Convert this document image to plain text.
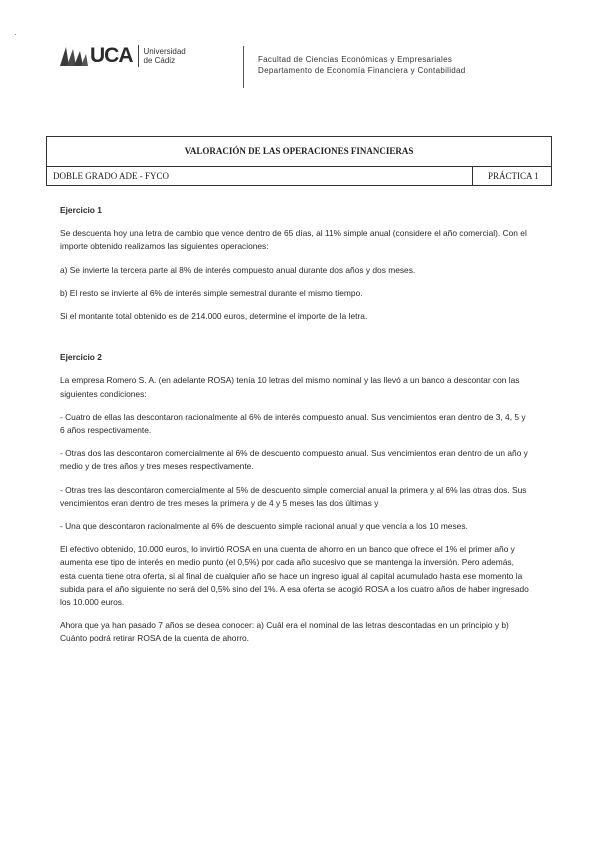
·
UCA Universidad
de Cádiz	Facultad de Ciencias Económicas y Empresariales
Departamento de Economía Financiera y Contabilidad
VALORACIÓN DE LAS OPERACIONES FINANCIERAS
DOBLE GRADO ADE - FYCO	PRÁCTICA 1

Ejercicio 1

Se descuenta hoy una letra de cambio que vence dentro de 65 días, al 11% simple anual (considere el año comercial). Con el importe obtenido realizamos las siguientes operaciones:

a) Se invierte la tercera parte al 8% de interés compuesto anual durante dos años y dos meses.

b) El resto se invierte al 6% de interés simple semestral durante el mismo tiempo.

Si el montante total obtenido es de 214.000 euros, determine el importe de la letra.

Ejercicio 2

La empresa Romero S. A. (en adelante ROSA) tenía 10 letras del mismo nominal y las llevó a un banco a descontar con las siguientes condiciones:

- Cuatro de ellas las descontaron racionalmente al 6% de interés compuesto anual. Sus vencimientos eran dentro de 3, 4, 5 y 6 años respectivamente.

- Otras dos las descontaron comercialmente al 6% de descuento compuesto anual. Sus vencimientos eran dentro de un año y medio y de tres años y tres meses respectivamente.

- Otras tres las descontaron comercialmente al 5% de descuento simple comercial anual la primera y al 6% las otras dos. Sus vencimientos eran dentro de tres meses la primera y de 4 y 5 meses las dos últimas y

- Una que descontaron racionalmente al 6% de descuento simple racional anual y que vencía a los 10 meses.

El efectivo obtenido, 10.000 euros, lo invirtió ROSA en una cuenta de ahorro en un banco que ofrece el 1% el primer año y aumenta ese tipo de interés en medio punto (el 0,5%) por cada año sucesivo que se mantenga la inversión. Pero además, esta cuenta tiene otra oferta, si al final de cualquier año se hace un ingreso igual al capital acumulado hasta ese momento la subida para el año siguiente no será del 0,5% sino del 1%. A esa oferta se acogió ROSA a los cuatro años de haber ingresado los 10.000 euros.

Ahora que ya han pasado 7 años se desea conocer: a) Cuál era el nominal de las letras descontadas en un principio y b) Cuánto podrá retirar ROSA de la cuenta de ahorro.
